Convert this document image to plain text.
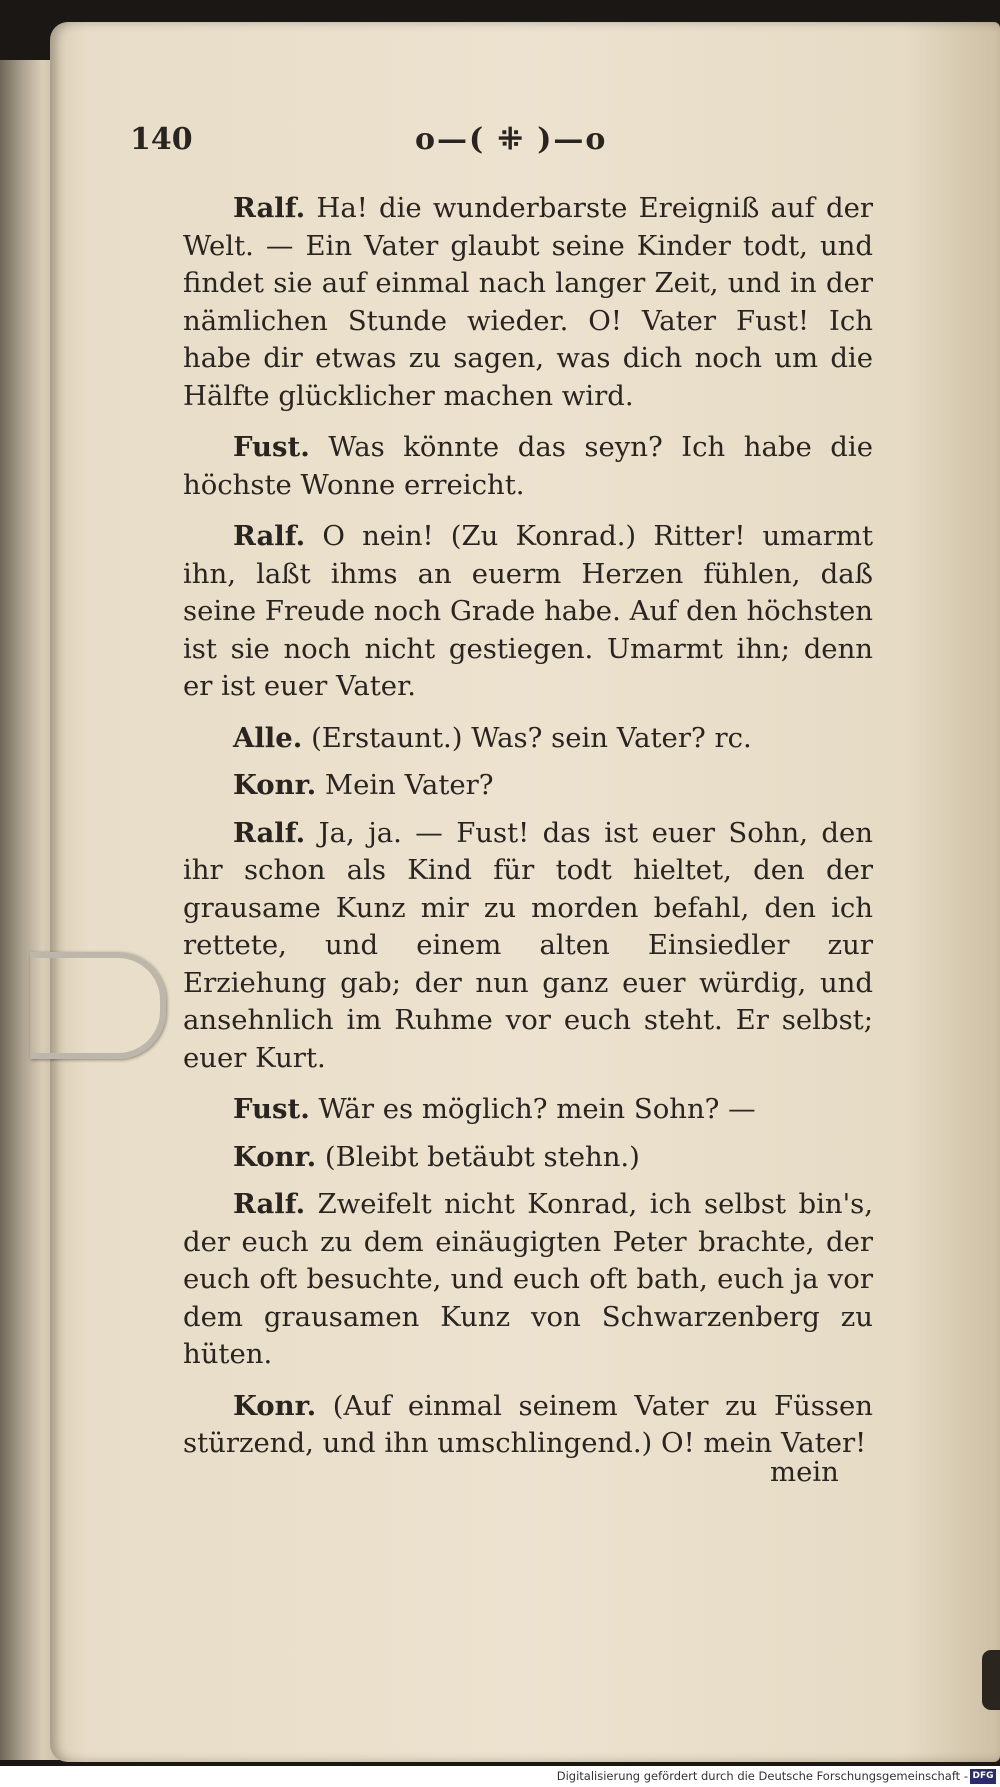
140	o—( ⁜ )—o

Ralf. Ha! die wunderbarste Ereigniß auf der Welt. — Ein Vater glaubt seine Kinder todt, und findet sie auf einmal nach langer Zeit, und in der nämlichen Stunde wieder. O! Vater Fust! Ich habe dir etwas zu sagen, was dich noch um die Hälfte glücklicher machen wird.

Fust. Was könnte das seyn? Ich habe die höchste Wonne erreicht.

Ralf. O nein! (Zu Konrad.) Ritter! umarmt ihn, laßt ihms an euerm Herzen fühlen, daß seine Freude noch Grade habe. Auf den höchsten ist sie noch nicht gestiegen. Umarmt ihn; denn er ist euer Vater.

Alle. (Erstaunt.) Was? sein Vater? rc.

Konr. Mein Vater?

Ralf. Ja, ja. — Fust! das ist euer Sohn, den ihr schon als Kind für todt hieltet, den der grausame Kunz mir zu morden befahl, den ich rettete, und einem alten Einsiedler zur Erziehung gab; der nun ganz euer würdig, und ansehnlich im Ruhme vor euch steht. Er selbst; euer Kurt.

Fust. Wär es möglich? mein Sohn? —

Konr. (Bleibt betäubt stehn.)

Ralf. Zweifelt nicht Konrad, ich selbst bin's, der euch zu dem einäugigten Peter brachte, der euch oft besuchte, und euch oft bath, euch ja vor dem grausamen Kunz von Schwarzenberg zu hüten.

Konr. (Auf einmal seinem Vater zu Füssen stürzend, und ihn umschlingend.) O! mein Vater!

mein
Digitalisierung gefördert durch die Deutsche Forschungsgemeinschaft - DFG
